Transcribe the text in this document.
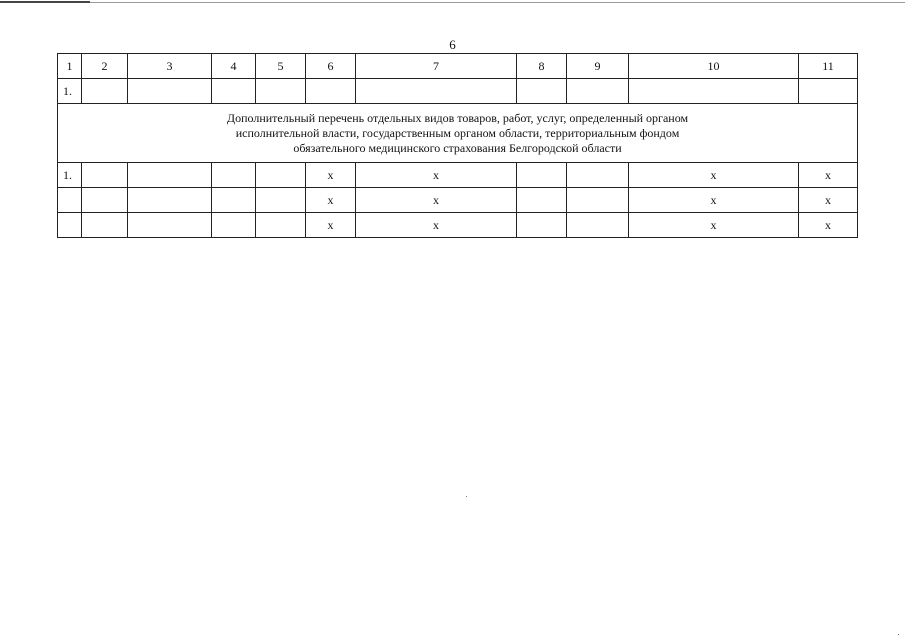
6
1	2	3	4	5	6	7	8	9	10	11
1.										

Дополнительный перечень отдельных видов товаров, работ, услуг, определенный органом
исполнительной власти, государственным органом области, территориальным фондом
обязательного медицинского страхования Белгородской области										

1.					x	x			x	x
					x	x			x	x
					x	x			x	x
